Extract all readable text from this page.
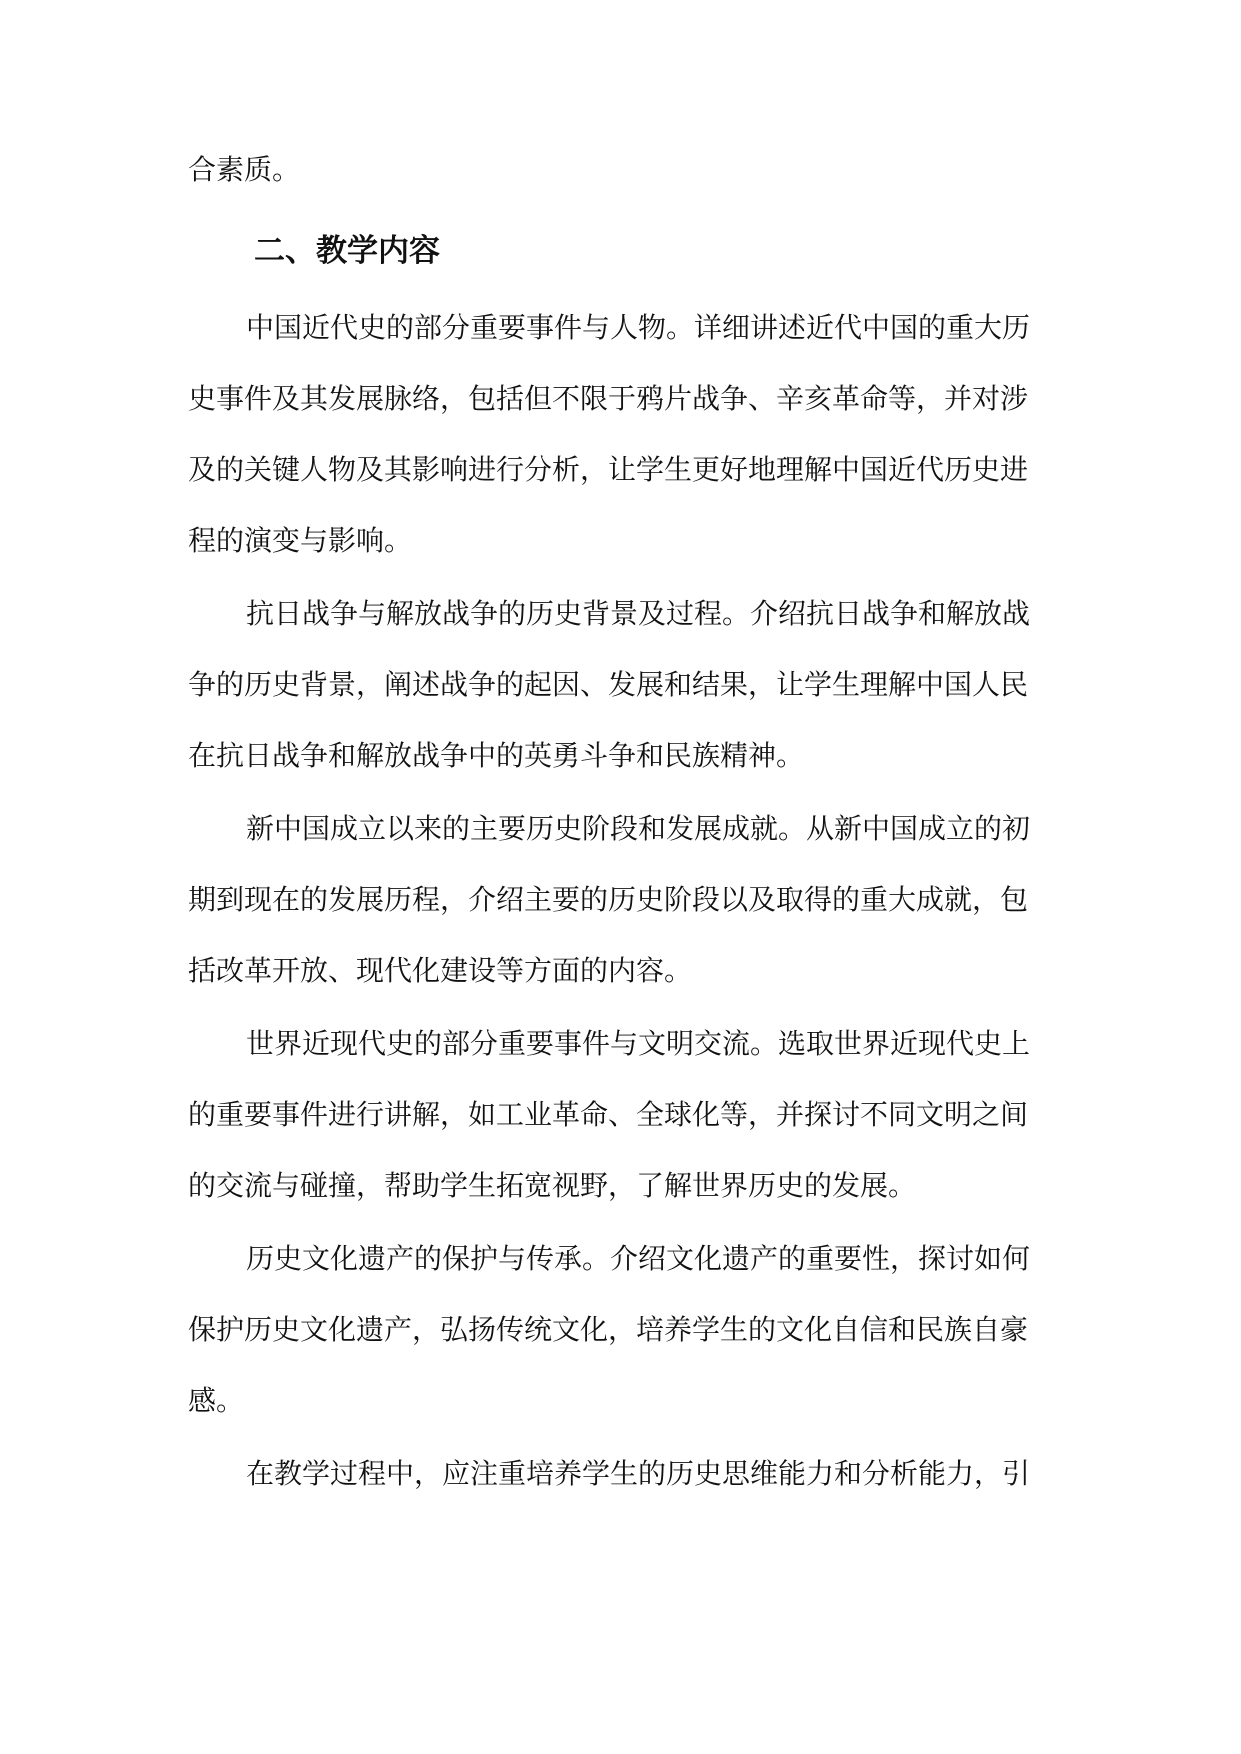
合素质。
二、教学内容
中国近代史的部分重要事件与人物。详细讲述近代中国的重大历
史事件及其发展脉络，包括但不限于鸦片战争、辛亥革命等，并对涉
及的关键人物及其影响进行分析，让学生更好地理解中国近代历史进
程的演变与影响。
抗日战争与解放战争的历史背景及过程。介绍抗日战争和解放战
争的历史背景，阐述战争的起因、发展和结果，让学生理解中国人民
在抗日战争和解放战争中的英勇斗争和民族精神。
新中国成立以来的主要历史阶段和发展成就。从新中国成立的初
期到现在的发展历程，介绍主要的历史阶段以及取得的重大成就，包
括改革开放、现代化建设等方面的内容。
世界近现代史的部分重要事件与文明交流。选取世界近现代史上
的重要事件进行讲解，如工业革命、全球化等，并探讨不同文明之间
的交流与碰撞，帮助学生拓宽视野，了解世界历史的发展。
历史文化遗产的保护与传承。介绍文化遗产的重要性，探讨如何
保护历史文化遗产，弘扬传统文化，培养学生的文化自信和民族自豪
感。
在教学过程中，应注重培养学生的历史思维能力和分析能力，引
